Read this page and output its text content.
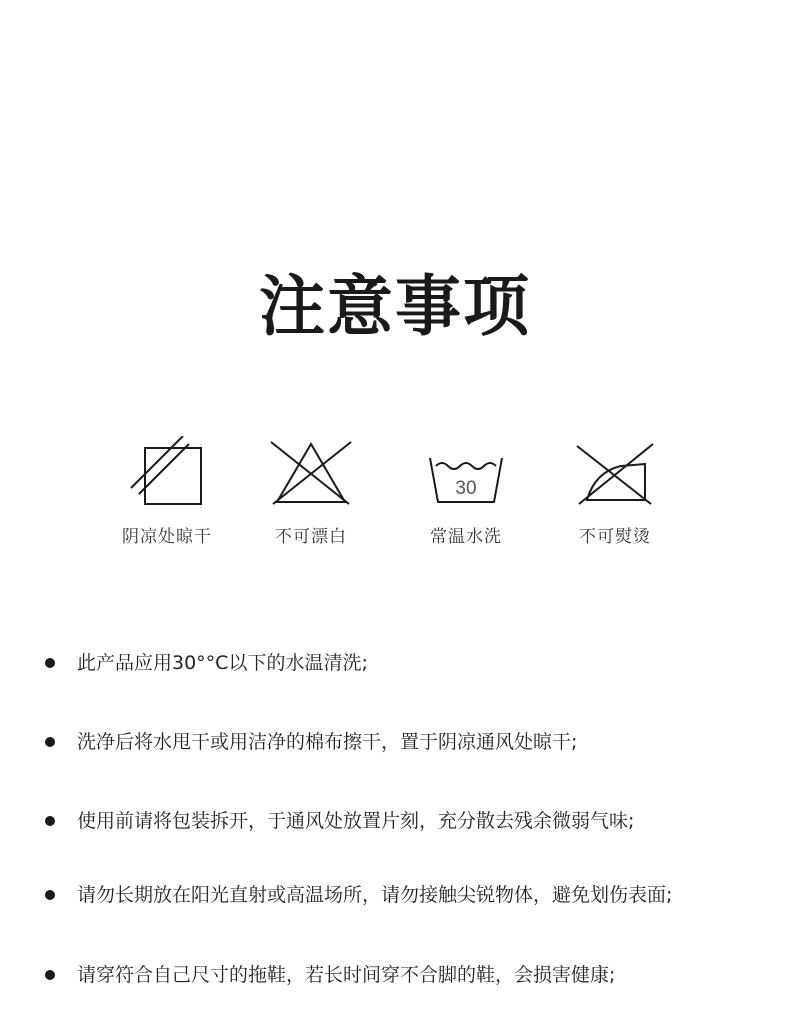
注意事项
阴凉处晾干	不可漂白
30
常温水洗	不可熨烫
此产品应用30°°C以下的水温清洗;
洗净后将水甩干或用洁净的棉布擦干，置于阴凉通风处晾干;
使用前请将包装拆开，于通风处放置片刻，充分散去残余微弱气味;
请勿长期放在阳光直射或高温场所，请勿接触尖锐物体，避免划伤表面;
请穿符合自己尺寸的拖鞋，若长时间穿不合脚的鞋，会损害健康;
